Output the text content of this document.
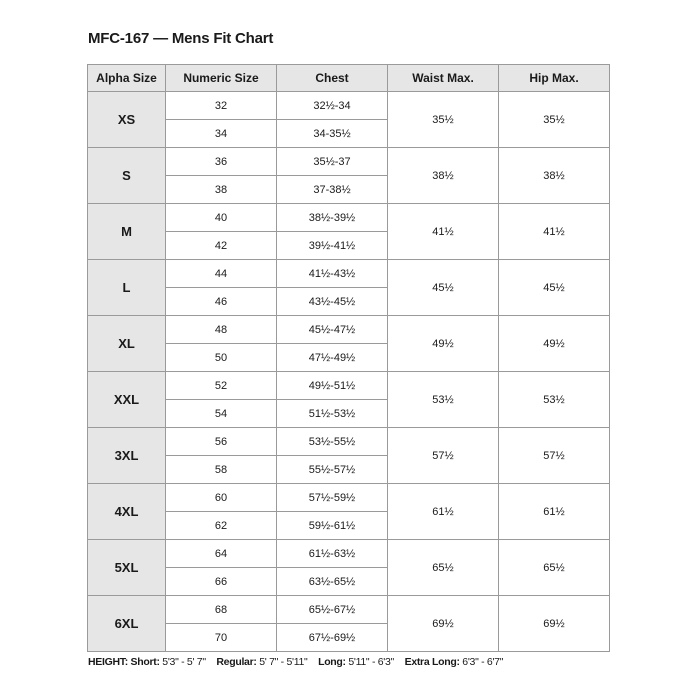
MFC-167 — Mens Fit Chart
Alpha Size	Numeric Size	Chest	Waist Max.	Hip Max.
XS	32	32½-34	35½	35½
	34	34-35½		
S	36	35½-37	38½	38½
	38	37-38½		
M	40	38½-39½	41½	41½
	42	39½-41½		
L	44	41½-43½	45½	45½
	46	43½-45½		
XL	48	45½-47½	49½	49½
	50	47½-49½		
XXL	52	49½-51½	53½	53½
	54	51½-53½		
3XL	56	53½-55½	57½	57½
	58	55½-57½		
4XL	60	57½-59½	61½	61½
	62	59½-61½		
5XL	64	61½-63½	65½	65½
	66	63½-65½		
6XL	68	65½-67½	69½	69½
	70	67½-69½		
HEIGHT: Short: 5'3" - 5' 7" Regular: 5' 7" - 5'11" Long: 5'11" - 6'3" Extra Long: 6'3" - 6'7"
